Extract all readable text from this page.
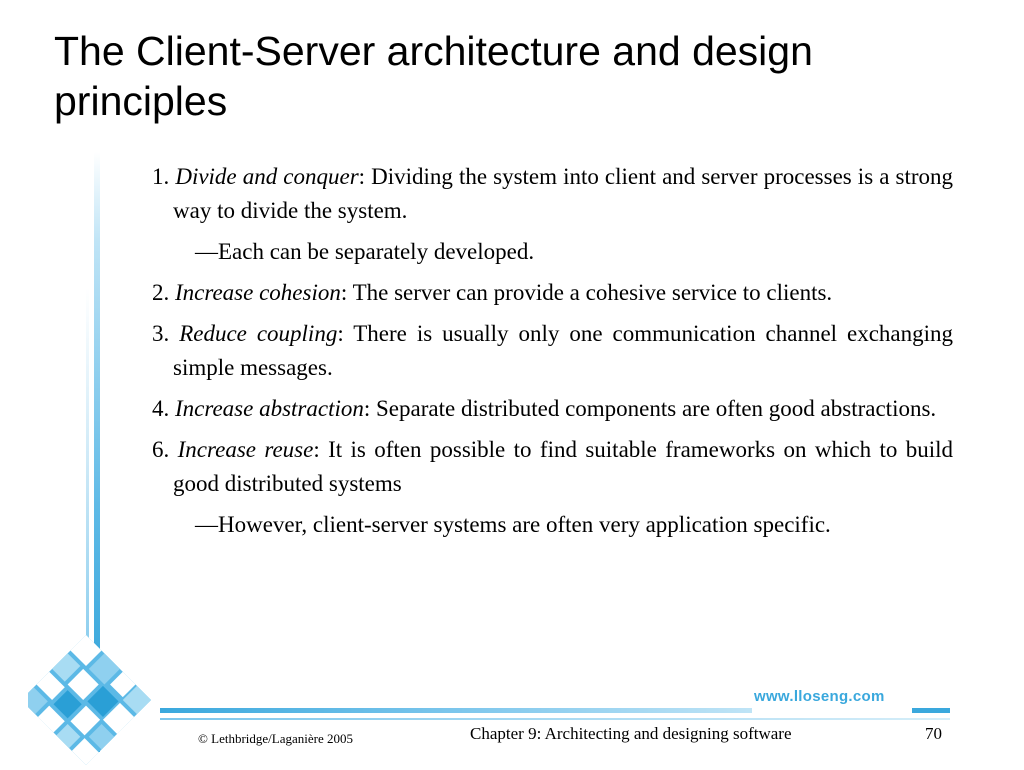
The Client-Server architecture and design principles

1. Divide and conquer: Dividing the system into client and server processes is a strong way to divide the system.

—Each can be separately developed.

2. Increase cohesion: The server can provide a cohesive service to clients.

3. Reduce coupling: There is usually only one communication channel exchanging simple messages.

4. Increase abstraction: Separate distributed components are often good abstractions.

6. Increase reuse: It is often possible to find suitable frameworks on which to build good distributed systems

—However, client-server systems are often very application specific.

www.lloseng.com
© Lethbridge/Laganière 2005	Chapter 9: Architecting and designing software	70
